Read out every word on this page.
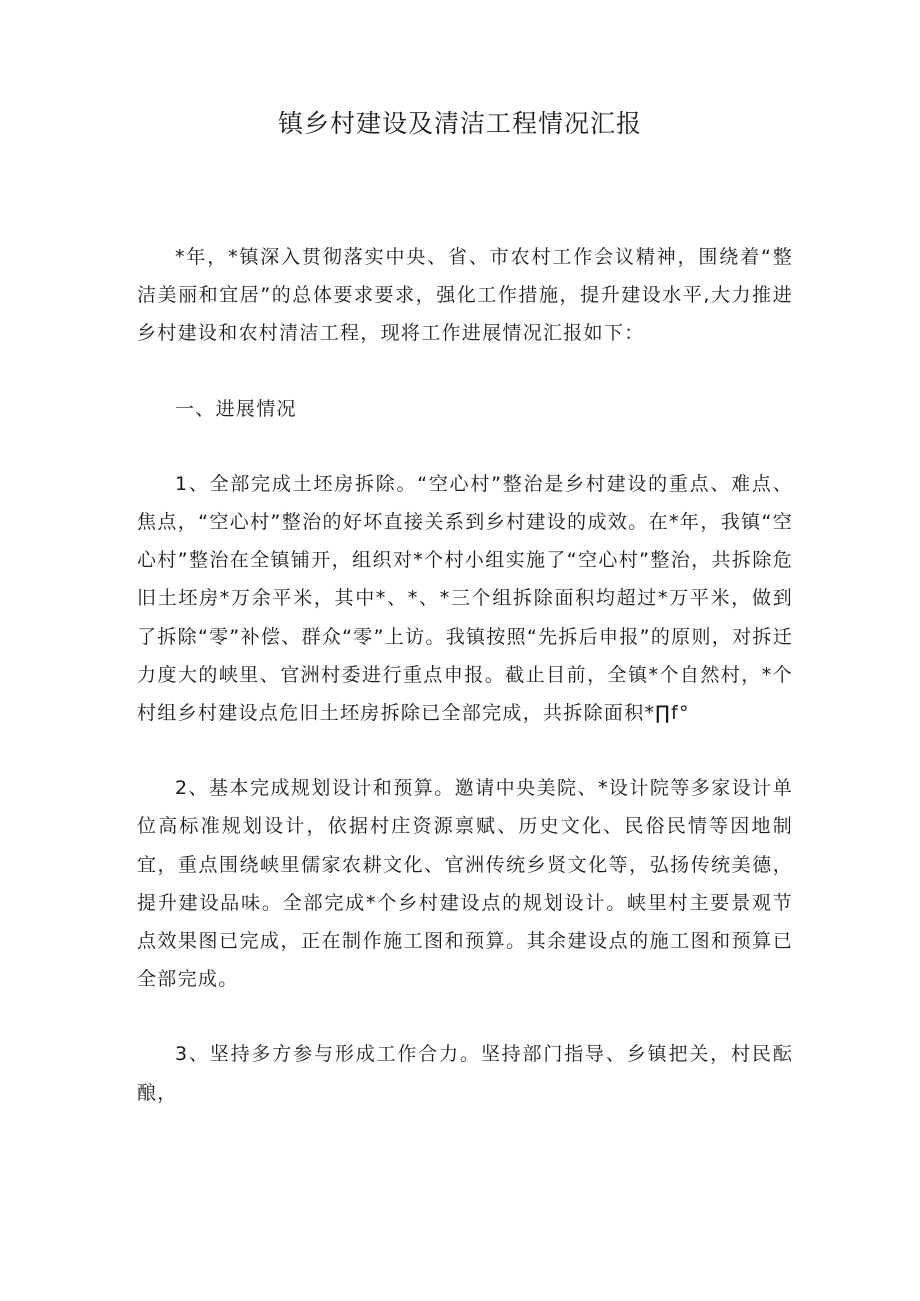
镇乡村建设及清洁工程情况汇报

*年，*镇深入贯彻落实中央、省、市农村工作会议精神，围绕着“整洁美丽和宜居”的总体要求要求，强化工作措施，提升建设水平,大力推进乡村建设和农村清洁工程，现将工作进展情况汇报如下：

一、进展情况

1、全部完成土坯房拆除。“空心村”整治是乡村建设的重点、难点、焦点，“空心村”整治的好坏直接关系到乡村建设的成效。在*年，我镇“空心村”整治在全镇铺开，组织对*个村小组实施了“空心村”整治，共拆除危旧土坯房*万余平米，其中*、*、*三个组拆除面积均超过*万平米，做到了拆除“零”补偿、群众“零”上访。我镇按照“先拆后申报”的原则，对拆迁力度大的峡里、官洲村委进行重点申报。截止目前，全镇*个自然村，*个村组乡村建设点危旧土坯房拆除已全部完成，共拆除面积*∏f°

2、基本完成规划设计和预算。邀请中央美院、*设计院等多家设计单位高标准规划设计，依据村庄资源禀赋、历史文化、民俗民情等因地制宜，重点围绕峡里儒家农耕文化、官洲传统乡贤文化等，弘扬传统美德，提升建设品味。全部完成*个乡村建设点的规划设计。峡里村主要景观节点效果图已完成，正在制作施工图和预算。其余建设点的施工图和预算已全部完成。

3、坚持多方参与形成工作合力。坚持部门指导、乡镇把关，村民酝酿，
